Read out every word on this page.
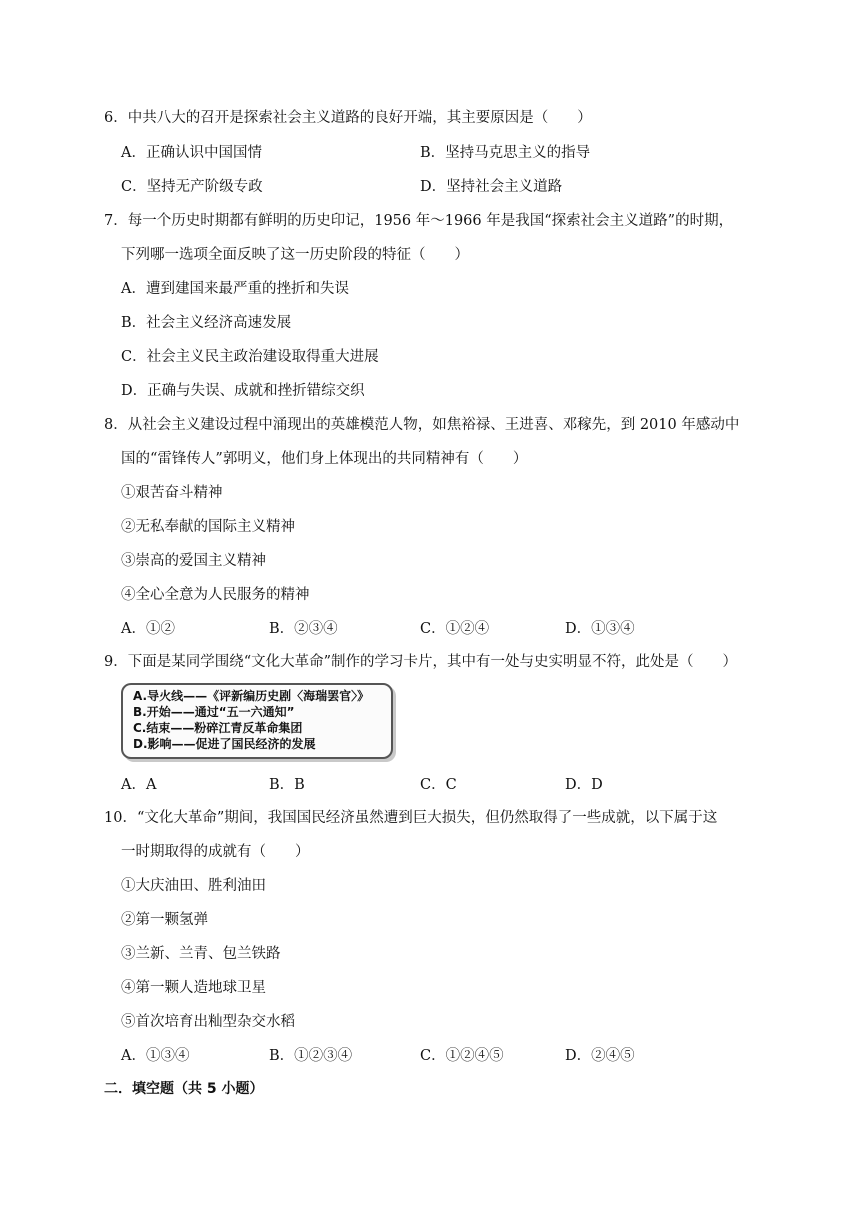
6．中共八大的召开是探索社会主义道路的良好开端，其主要原因是（　　）
A．正确认识中国国情	B．坚持马克思主义的指导
C．坚持无产阶级专政	D．坚持社会主义道路
7．每一个历史时期都有鲜明的历史印记，1956 年～1966 年是我国“探索社会主义道路”的时期，
下列哪一选项全面反映了这一历史阶段的特征（　　）
A．遭到建国来最严重的挫折和失误
B．社会主义经济高速发展
C．社会主义民主政治建设取得重大进展
D．正确与失误、成就和挫折错综交织
8．从社会主义建设过程中涌现出的英雄模范人物，如焦裕禄、王进喜、邓稼先，到 2010 年感动中
国的“雷锋传人”郭明义，他们身上体现出的共同精神有（　　）
①艰苦奋斗精神
②无私奉献的国际主义精神
③崇高的爱国主义精神
④全心全意为人民服务的精神
A．①②	B．②③④	C．①②④	D．①③④
9．下面是某同学围绕“文化大革命”制作的学习卡片，其中有一处与史实明显不符，此处是（　　）
A.导火线——《评新编历史剧〈海瑞罢官〉》
B.开始——通过“五一六通知”
C.结束——粉碎江青反革命集团
D.影响——促进了国民经济的发展
A．A	B．B	C．C	D．D
10．“文化大革命”期间，我国国民经济虽然遭到巨大损失，但仍然取得了一些成就，以下属于这
一时期取得的成就有（　　）
①大庆油田、胜利油田
②第一颗氢弹
③兰新、兰青、包兰铁路
④第一颗人造地球卫星
⑤首次培育出籼型杂交水稻
A．①③④	B．①②③④	C．①②④⑤	D．②④⑤
二．填空题（共 5 小题）
